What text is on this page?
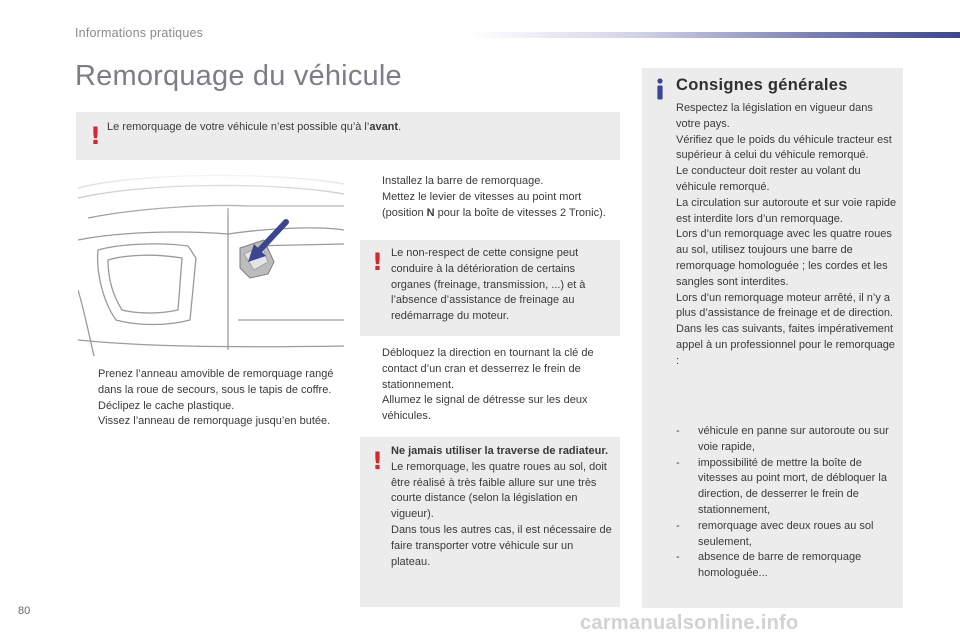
Informations pratiques
Remorquage du véhicule
! Le remorquage de votre véhicule n’est possible qu’à l’avant.
Prenez l’anneau amovible de remorquage rangé dans la roue de secours, sous le tapis de coffre.
Déclipez le cache plastique.
Vissez l’anneau de remorquage jusqu’en butée.
Installez la barre de remorquage.
Mettez le levier de vitesses au point mort (position N pour la boîte de vitesses 2 Tronic).
! Le non-respect de cette consigne peut conduire à la détérioration de certains organes (freinage, transmission, ...) et à l’absence d’assistance de freinage au redémarrage du moteur.
Débloquez la direction en tournant la clé de contact d’un cran et desserrez le frein de stationnement.
Allumez le signal de détresse sur les deux véhicules.
! Ne jamais utiliser la traverse de radiateur.
Le remorquage, les quatre roues au sol, doit être réalisé à très faible allure sur une très courte distance (selon la législation en vigueur).
Dans tous les autres cas, il est nécessaire de faire transporter votre véhicule sur un plateau.
Consignes générales
Respectez la législation en vigueur dans votre pays.
Vérifiez que le poids du véhicule tracteur est supérieur à celui du véhicule remorqué.
Le conducteur doit rester au volant du véhicule remorqué.
La circulation sur autoroute et sur voie rapide est interdite lors d’un remorquage.
Lors d’un remorquage avec les quatre roues au sol, utilisez toujours une barre de remorquage homologuée ; les cordes et les sangles sont interdites.
Lors d’un remorquage moteur arrêté, il n’y a plus d’assistance de freinage et de direction.
Dans les cas suivants, faites impérativement appel à un professionnel pour le remorquage :
- véhicule en panne sur autoroute ou sur voie rapide,
- impossibilité de mettre la boîte de vitesses au point mort, de débloquer la direction, de desserrer le frein de stationnement,
- remorquage avec deux roues au sol seulement,
- absence de barre de remorquage homologuée...
80
carmanualsonline.info
